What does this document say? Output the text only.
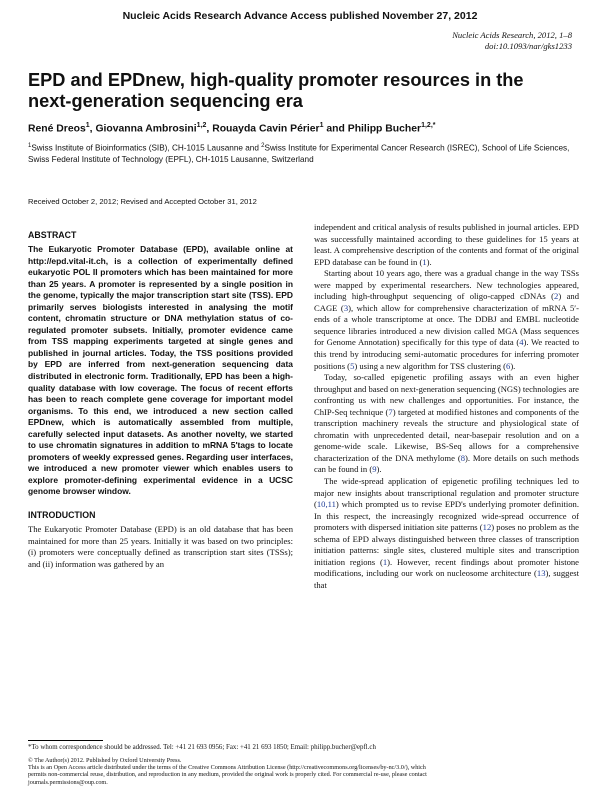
Nucleic Acids Research Advance Access published November 27, 2012
Nucleic Acids Research, 2012, 1–8
doi:10.1093/nar/gks1233
EPD and EPDnew, high-quality promoter resources in the next-generation sequencing era
René Dreos$^1$, Giovanna Ambrosini$^{1,2}$, Rouayda Cavin Périer$^1$ and Philipp Bucher$^{1,2,*}$
$^1$Swiss Institute of Bioinformatics (SIB), CH-1015 Lausanne and $^2$Swiss Institute for Experimental Cancer Research (ISREC), School of Life Sciences, Swiss Federal Institute of Technology (EPFL), CH-1015 Lausanne, Switzerland
Received October 2, 2012; Revised and Accepted October 31, 2012
ABSTRACT

The Eukaryotic Promoter Database (EPD), available online at http://epd.vital-it.ch, is a collection of experimentally defined eukaryotic POL II promoters which has been maintained for more than 25 years. A promoter is represented by a single position in the genome, typically the major transcription start site (TSS). EPD primarily serves biologists interested in analysing the motif content, chromatin structure or DNA methylation status of co-regulated promoter subsets. Initially, promoter evidence came from TSS mapping experiments targeted at single genes and published in journal articles. Today, the TSS positions provided by EPD are inferred from next-generation sequencing data distributed in electronic form. Traditionally, EPD has been a high-quality database with low coverage. The focus of recent efforts has been to reach complete gene coverage for important model organisms. To this end, we introduced a new section called EPDnew, which is automatically assembled from multiple, carefully selected input datasets. As another novelty, we started to use chromatin signatures in addition to mRNA 5′tags to locate promoters of weekly expressed genes. Regarding user interfaces, we introduced a new promoter viewer which enables users to explore promoter-defining experimental evidence in a UCSC genome browser window.

INTRODUCTION

The Eukaryotic Promoter Database (EPD) is an old database that has been maintained for more than 25 years. Initially it was based on two principles: (i) promoters were conceptually defined as transcription start sites (TSSs); and (ii) information was gathered by an

independent and critical analysis of results published in journal articles. EPD was successfully maintained according to these guidelines for 15 years at least. A comprehensive description of the contents and format of the original EPD database can be found in (1).

Starting about 10 years ago, there was a gradual change in the way TSSs were mapped by experimental researchers. New technologies appeared, including high-throughput sequencing of oligo-capped cDNAs (2) and CAGE (3), which allow for comprehensive characterization of mRNA 5′-ends of a whole transcriptome at once. The DDBJ and EMBL nucleotide sequence libraries introduced a new division called MGA (Mass sequences for Genome Annotation) specifically for this type of data (4). We reacted to this trend by introducing semi-automatic procedures for inferring promoter positions (5) using a new algorithm for TSS clustering (6).

Today, so-called epigenetic profiling assays with an even higher throughput and based on next-generation sequencing (NGS) technologies are confronting us with new challenges and opportunities. For instance, the ChIP-Seq technique (7) targeted at modified histones and components of the transcription machinery reveals the structure and physiological state of chromatin with unprecedented detail, near-basepair resolution and on a genome-wide scale. Likewise, BS-Seq allows for a comprehensive characterization of the DNA methylome (8). More details on such methods can be found in (9).

The wide-spread application of epigenetic profiling techniques led to major new insights about transcriptional regulation and promoter structure (10,11) which prompted us to revise EPD's underlying promoter definition. In this respect, the increasingly recognized wide-spread occurrence of promoters with dispersed initiation site patterns (12) poses no problem as the schema of EPD always distinguished between three classes of transcription initiation patterns: single sites, clustered multiple sites and transcription initiation regions (1). However, recent findings about promoter histone modifications, including our work on nucleosome architecture (13), suggest that

*To whom correspondence should be addressed. Tel: +41 21 693 0956; Fax: +41 21 693 1850; Email: philipp.bucher@epfl.ch
© The Author(s) 2012. Published by Oxford University Press.
This is an Open Access article distributed under the terms of the Creative Commons Attribution License (http://creativecommons.org/licenses/by-nc/3.0/), which
permits non-commercial reuse, distribution, and reproduction in any medium, provided the original work is properly cited. For commercial re-use, please contact
journals.permissions@oup.com.
